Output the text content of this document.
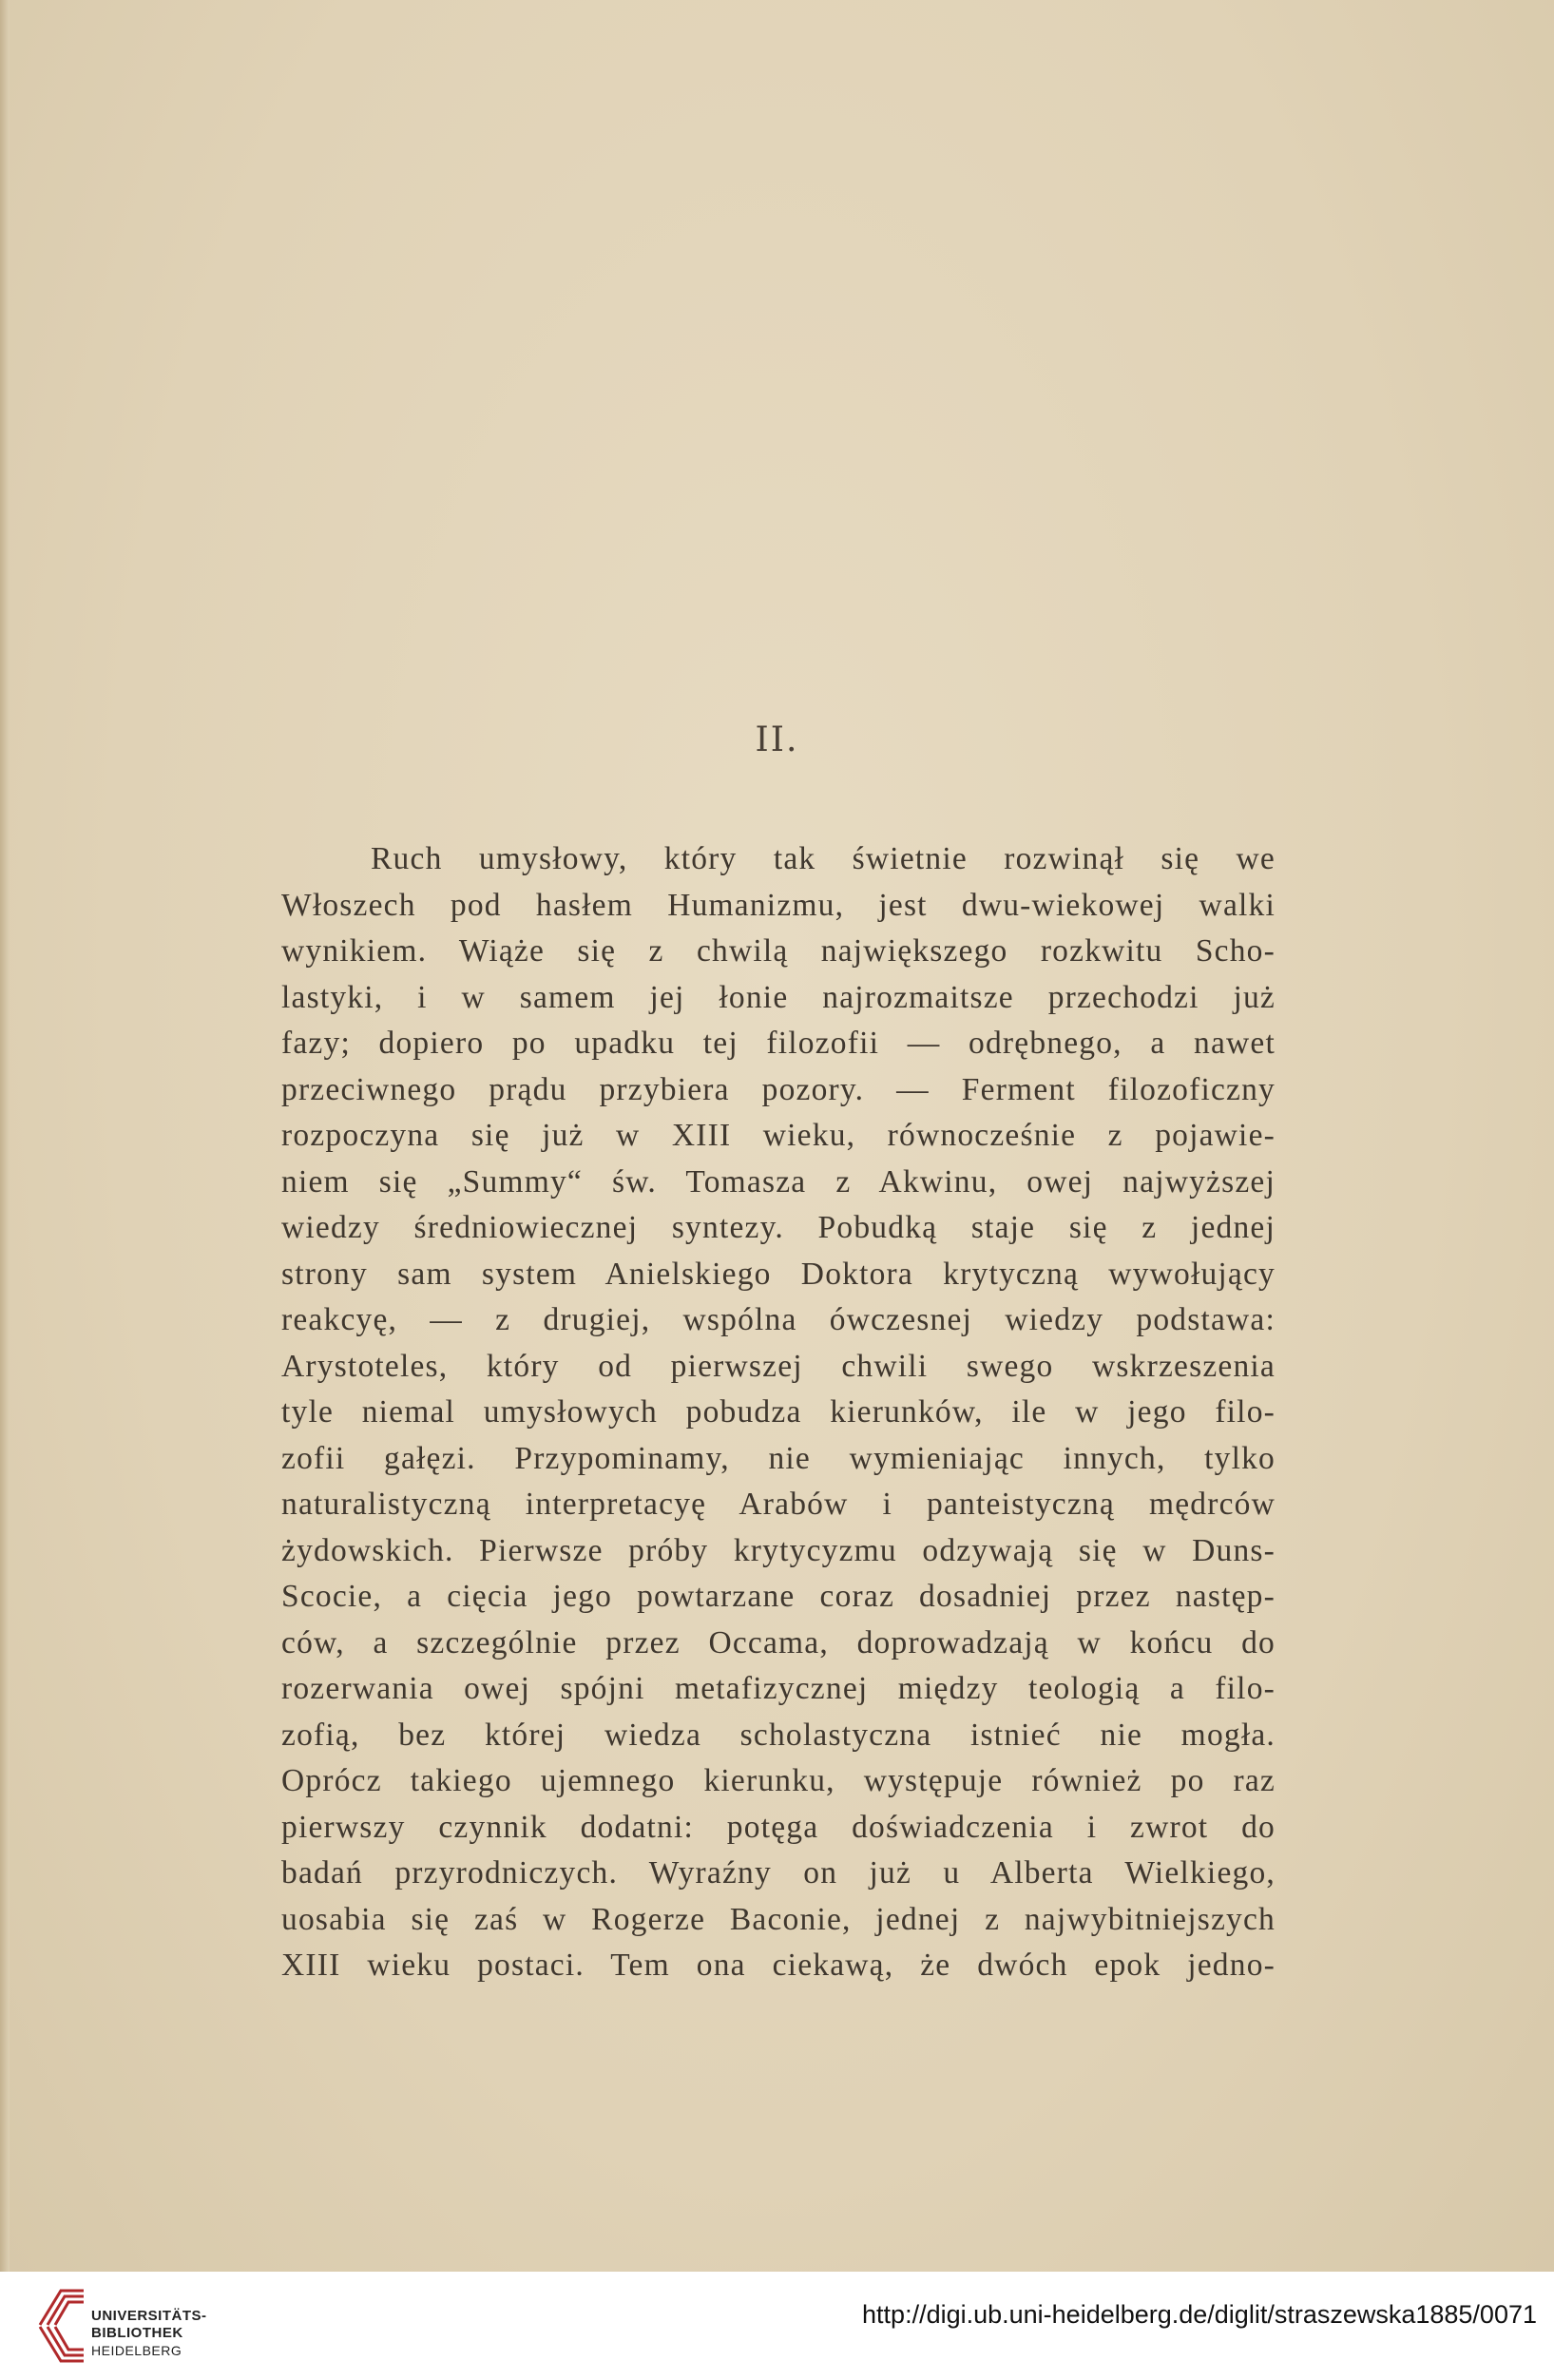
II.
Ruch umysłowy, który tak świetnie rozwinął się we
Włoszech pod hasłem Humanizmu, jest dwu-wiekowej walki
wynikiem. Wiąże się z chwilą największego rozkwitu Scho-
lastyki, i w samem jej łonie najrozmaitsze przechodzi już
fazy; dopiero po upadku tej filozofii — odrębnego, a nawet
przeciwnego prądu przybiera pozory. — Ferment filozoficzny
rozpoczyna się już w XIII wieku, równocześnie z pojawie-
niem się „Summy“ św. Tomasza z Akwinu, owej najwyższej
wiedzy średniowiecznej syntezy. Pobudką staje się z jednej
strony sam system Anielskiego Doktora krytyczną wywołujący
reakcyę, — z drugiej, wspólna ówczesnej wiedzy podstawa:
Arystoteles, który od pierwszej chwili swego wskrzeszenia
tyle niemal umysłowych pobudza kierunków, ile w jego filo-
zofii gałęzi. Przypominamy, nie wymieniając innych, tylko
naturalistyczną interpretacyę Arabów i panteistyczną mędrców
żydowskich. Pierwsze próby krytycyzmu odzywają się w Duns-
Scocie, a cięcia jego powtarzane coraz dosadniej przez następ-
ców, a szczególnie przez Occama, doprowadzają w końcu do
rozerwania owej spójni metafizycznej między teologią a filo-
zofią, bez której wiedza scholastyczna istnieć nie mogła.
Oprócz takiego ujemnego kierunku, występuje również po raz
pierwszy czynnik dodatni: potęga doświadczenia i zwrot do
badań przyrodniczych. Wyraźny on już u Alberta Wielkiego,
uosabia się zaś w Rogerze Baconie, jednej z najwybitniejszych
XIII wieku postaci. Tem ona ciekawą, że dwóch epok jedno-
UNIVERSITÄTS-
BIBLIOTHEK
HEIDELBERG
http://digi.ub.uni-heidelberg.de/diglit/straszewska1885/0071
